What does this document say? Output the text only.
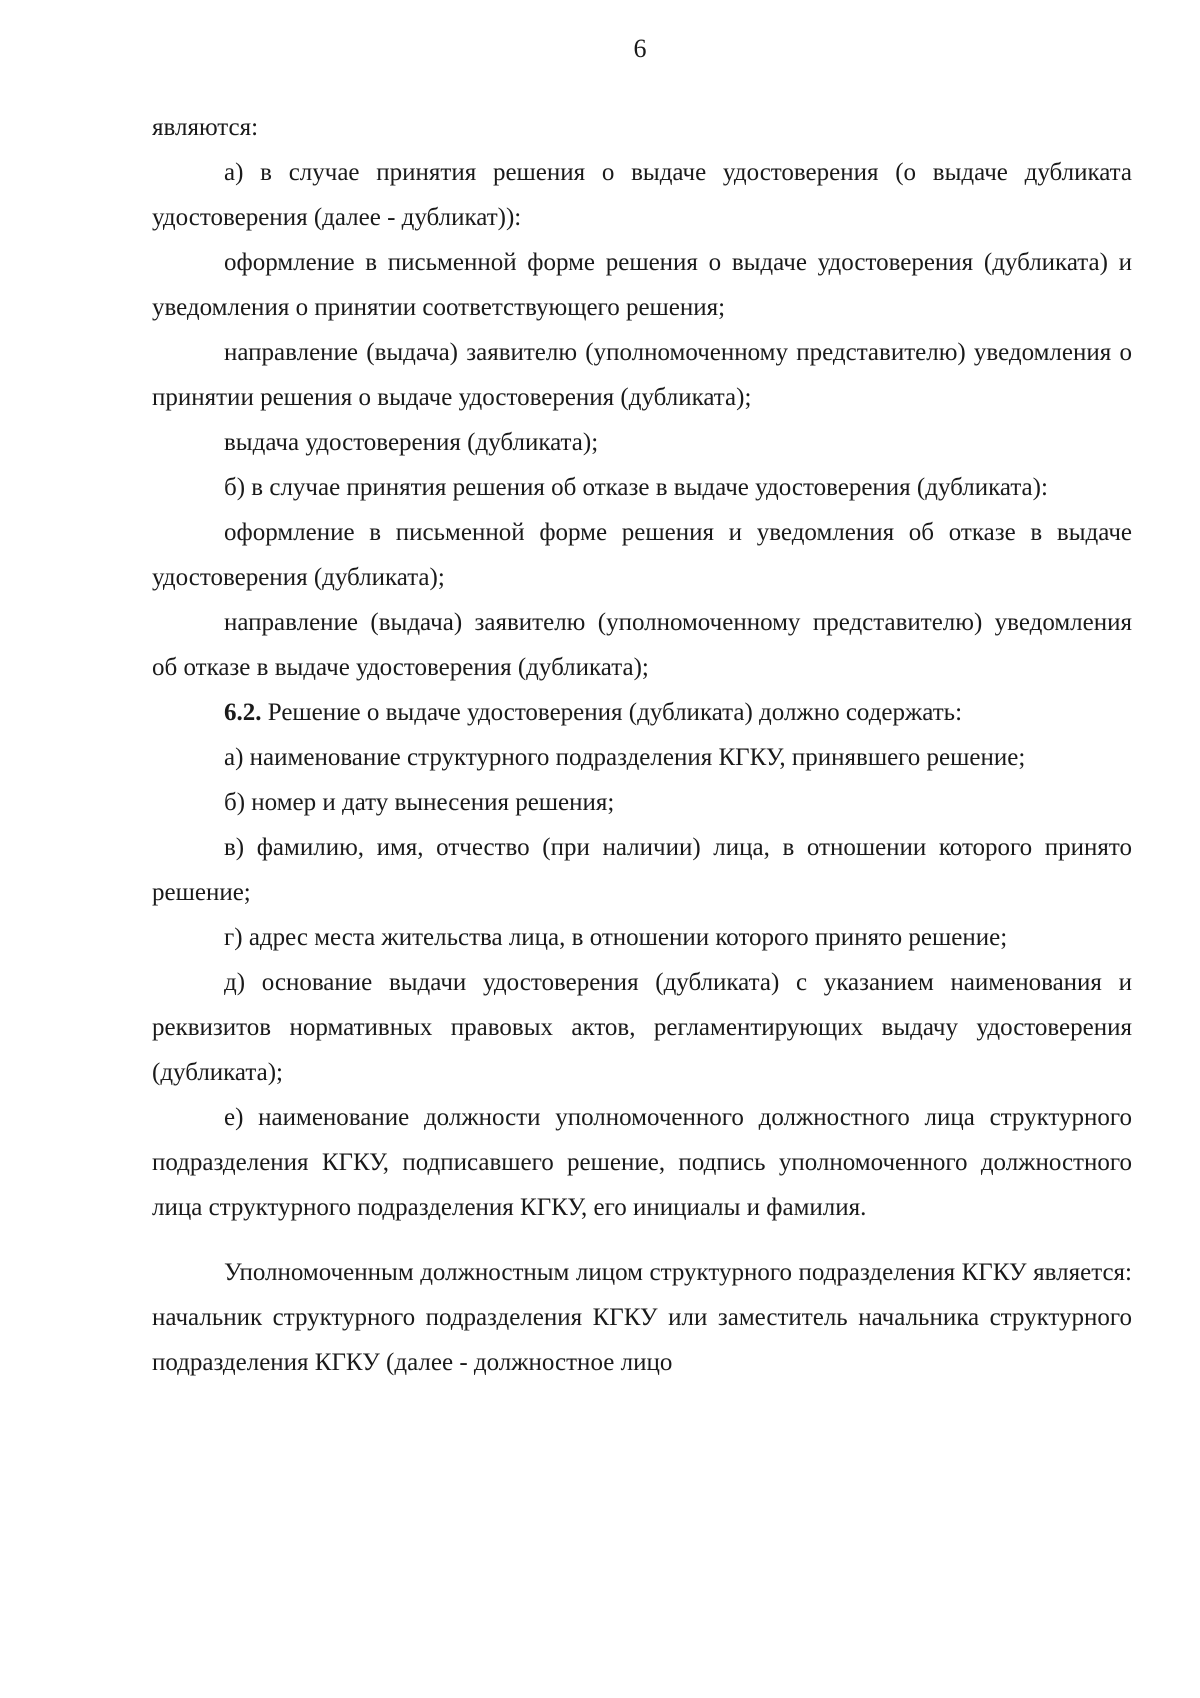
6

являются:

а) в случае принятия решения о выдаче удостоверения (о выдаче дубликата удостоверения (далее - дубликат)):

оформление в письменной форме решения о выдаче удостоверения (дубликата) и уведомления о принятии соответствующего решения;

направление (выдача) заявителю (уполномоченному представителю) уведомления о принятии решения о выдаче удостоверения (дубликата);

выдача удостоверения (дубликата);

б) в случае принятия решения об отказе в выдаче удостоверения (дубликата):

оформление в письменной форме решения и уведомления об отказе в выдаче удостоверения (дубликата);

направление (выдача) заявителю (уполномоченному представителю) уведомления об отказе в выдаче удостоверения (дубликата);

6.2. Решение о выдаче удостоверения (дубликата) должно содержать:

а) наименование структурного подразделения КГКУ, принявшего решение;

б) номер и дату вынесения решения;

в) фамилию, имя, отчество (при наличии) лица, в отношении которого принято решение;

г) адрес места жительства лица, в отношении которого принято решение;

д) основание выдачи удостоверения (дубликата) с указанием наименования и реквизитов нормативных правовых актов, регламентирующих выдачу удостоверения (дубликата);

е) наименование должности уполномоченного должностного лица структурного подразделения КГКУ, подписавшего решение, подпись уполномоченного должностного лица структурного подразделения КГКУ, его инициалы и фамилия.

Уполномоченным должностным лицом структурного подразделения КГКУ является: начальник структурного подразделения КГКУ или заместитель начальника структурного подразделения КГКУ (далее - должностное лицо
